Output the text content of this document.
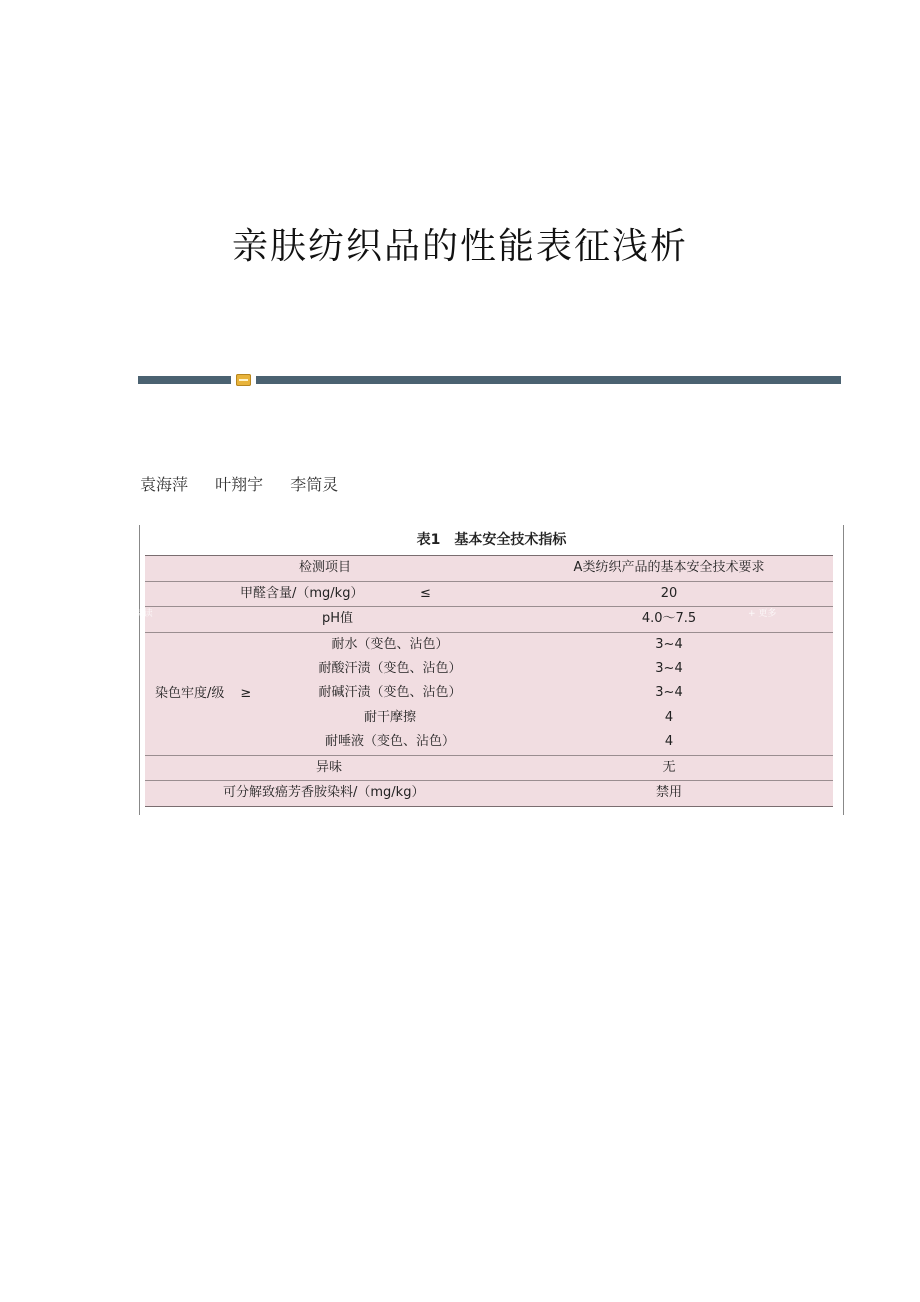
亲肤纺织品的性能表征浅析
袁海萍 叶翔宇 李筒灵
表1　基本安全技术指标
检测项目	A类纺织产品的基本安全技术要求
甲醛含量/（mg/kg）	≤	20
pH值	4.0～7.5
染色牢度/级 ≥
耐水（变色、沾色）	3~4
耐酸汗渍（变色、沾色）	3~4
耐碱汗渍（变色、沾色）	3~4
耐干摩擦	4
耐唾液（变色、沾色）	4
异味	无
可分解致癌芳香胺染料/（mg/kg）	禁用
录提纲 智能语音 多媒体 《读者》阅读	+ 更多
